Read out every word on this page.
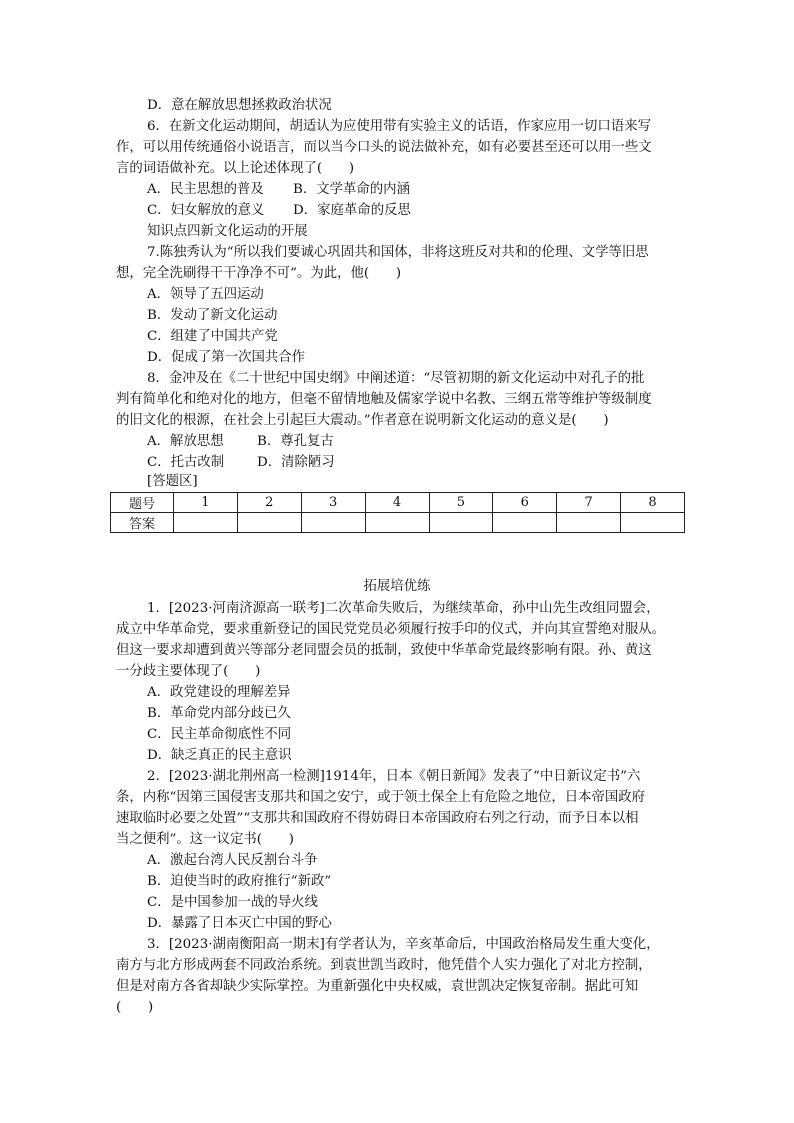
D．意在解放思想拯救政治状况
6．在新文化运动期间，胡适认为应使用带有实验主义的话语，作家应用一切口语来写
作，可以用传统通俗小说语言，而以当今口头的说法做补充，如有必要甚至还可以用一些文
言的词语做补充。以上论述体现了(　　)
A．民主思想的普及 B．文学革命的内涵
C．妇女解放的意义 D．家庭革命的反思
知识点四新文化运动的开展
7.陈独秀认为“所以我们要诚心巩固共和国体，非将这班反对共和的伦理、文学等旧思
想，完全洗刷得干干净净不可”。为此，他(　　)
A．领导了五四运动
B．发动了新文化运动
C．组建了中国共产党
D．促成了第一次国共合作
8．金冲及在《二十世纪中国史纲》中阐述道：“尽管初期的新文化运动中对孔子的批
判有简单化和绝对化的地方，但毫不留情地触及儒家学说中名教、三纲五常等维护等级制度
的旧文化的根源，在社会上引起巨大震动。”作者意在说明新文化运动的意义是(　　)
A．解放思想 B．尊孔复古
C．托古改制 D．清除陋习
[答题区]
题号	1	2	3	4	5	6	7	8
答案								
拓展培优练
1．[2023·河南济源高一联考]二次革命失败后，为继续革命，孙中山先生改组同盟会，
成立中华革命党，要求重新登记的国民党党员必须履行按手印的仪式，并向其宣誓绝对服从。
但这一要求却遭到黄兴等部分老同盟会员的抵制，致使中华革命党最终影响有限。孙、黄这
一分歧主要体现了(　　)
A．政党建设的理解差异
B．革命党内部分歧已久
C．民主革命彻底性不同
D．缺乏真正的民主意识
2．[2023·湖北荆州高一检测]1914年，日本《朝日新闻》发表了“中日新议定书”六
条，内称“因第三国侵害支那共和国之安宁，或于领土保全上有危险之地位，日本帝国政府
速取临时必要之处置”“支那共和国政府不得妨碍日本帝国政府右列之行动，而予日本以相
当之便利”。这一议定书(　　)
A．激起台湾人民反割台斗争
B．迫使当时的政府推行“新政”
C．是中国参加一战的导火线
D．暴露了日本灭亡中国的野心
3．[2023·湖南衡阳高一期末]有学者认为，辛亥革命后，中国政治格局发生重大变化，
南方与北方形成两套不同政治系统。到袁世凯当政时，他凭借个人实力强化了对北方控制，
但是对南方各省却缺少实际掌控。为重新强化中央权威，袁世凯决定恢复帝制。据此可知
(　　)
